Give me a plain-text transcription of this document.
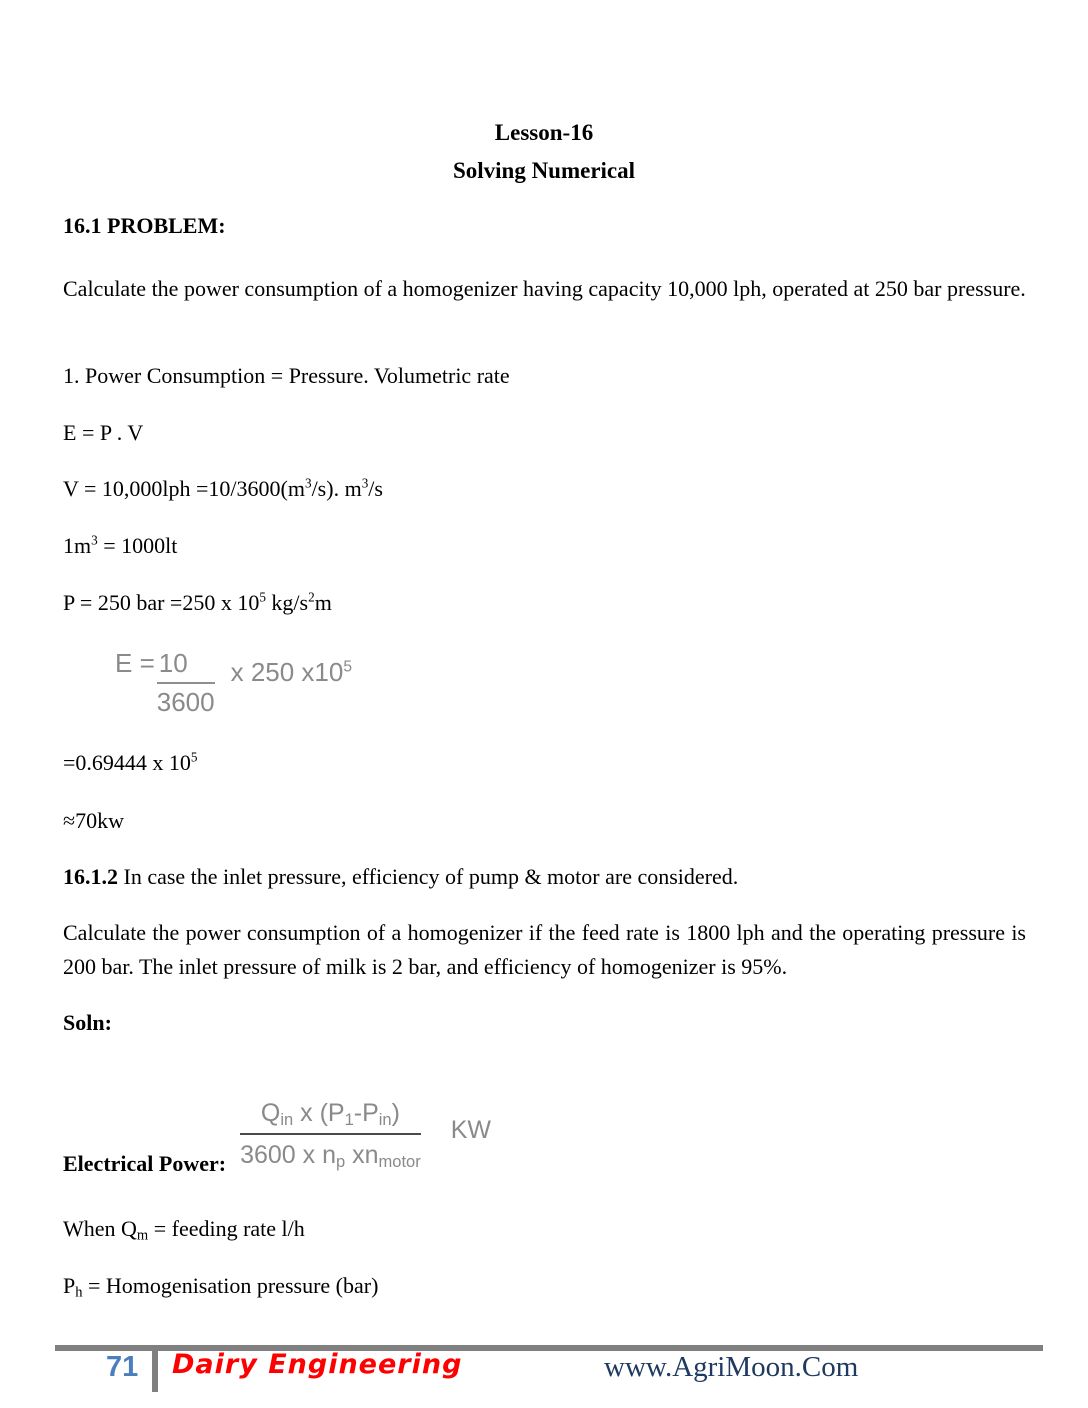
Lesson-16
Solving Numerical
16.1 PROBLEM:
Calculate the power consumption of a homogenizer having capacity 10,000 lph, operated at 250 bar pressure.
1. Power Consumption = Pressure. Volumetric rate
E = P . V
$V = 10,000lph =10/3600(m^3/s)$. $m^3/s$
$1m^3 = 1000lt$
P = 250 bar =250 x $10^5$ $kg/s^2m$
$E = \frac{10}{3600}$ x 250 $x10^5$
=0.69444 x $10^5$
≈70kw
16.1.2 In case the inlet pressure, efficiency of pump & motor are considered.
Calculate the power consumption of a homogenizer if the feed rate is 1800 lph and the operating pressure is 200 bar. The inlet pressure of milk is 2 bar, and efficiency of homogenizer is 95%.
Soln:
Electrical Power: $\frac{Q_{in} x (P_1-P_{in})}{3600 x n_p xn_{motor}}$ KW
When $Q_m$ = feeding rate l/h
$P_h$ = Homogenisation pressure (bar)
71 Dairy Engineering	www.AgriMoon.Com
